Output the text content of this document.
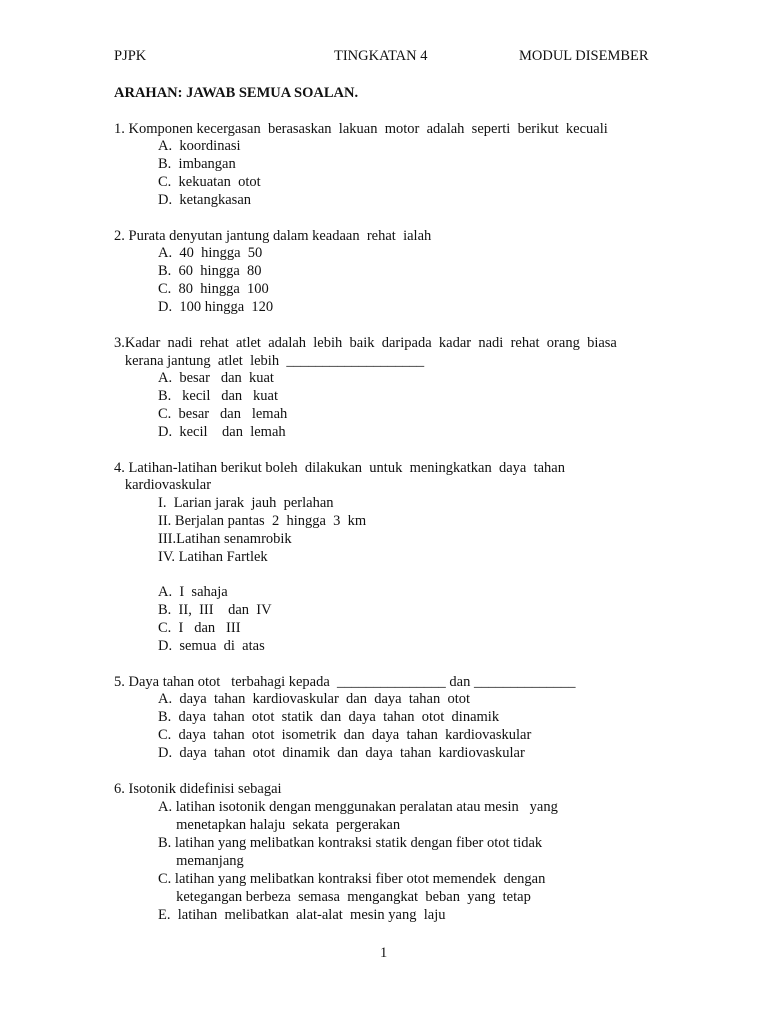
PJPK	TINGKATAN 4	MODUL DISEMBER
ARAHAN: JAWAB SEMUA SOALAN.
1. Komponen kecergasan  berasaskan  lakuan  motor  adalah  seperti  berikut  kecuali
A.  koordinasi
B.  imbangan
C.  kekuatan  otot
D.  ketangkasan
2. Purata denyutan jantung dalam keadaan  rehat  ialah
A.  40  hingga  50
B.  60  hingga  80
C.  80  hingga  100
D.  100 hingga  120
3.Kadar  nadi  rehat  atlet  adalah  lebih  baik  daripada  kadar  nadi  rehat  orang  biasa
kerana jantung  atlet  lebih  ___________________
A.  besar   dan  kuat
B.   kecil   dan   kuat
C.  besar   dan   lemah
D.  kecil    dan  lemah
4. Latihan-latihan berikut boleh  dilakukan  untuk  meningkatkan  daya  tahan
kardiovaskular
I.  Larian jarak  jauh  perlahan
II. Berjalan pantas  2  hingga  3  km
III.Latihan senamrobik
IV. Latihan Fartlek
A.  I  sahaja
B.  II,  III    dan  IV
C.  I   dan   III
D.  semua  di  atas
5. Daya tahan otot   terbahagi kepada  _______________ dan ______________
A.  daya  tahan  kardiovaskular  dan  daya  tahan  otot
B.  daya  tahan  otot  statik  dan  daya  tahan  otot  dinamik
C.  daya  tahan  otot  isometrik  dan  daya  tahan  kardiovaskular
D.  daya  tahan  otot  dinamik  dan  daya  tahan  kardiovaskular
6. Isotonik didefinisi sebagai
A. latihan isotonik dengan menggunakan peralatan atau mesin   yang
menetapkan halaju  sekata  pergerakan
B. latihan yang melibatkan kontraksi statik dengan fiber otot tidak
memanjang
C. latihan yang melibatkan kontraksi fiber otot memendek  dengan
ketegangan berbeza  semasa  mengangkat  beban  yang  tetap
E.  latihan  melibatkan  alat-alat  mesin yang  laju
1
